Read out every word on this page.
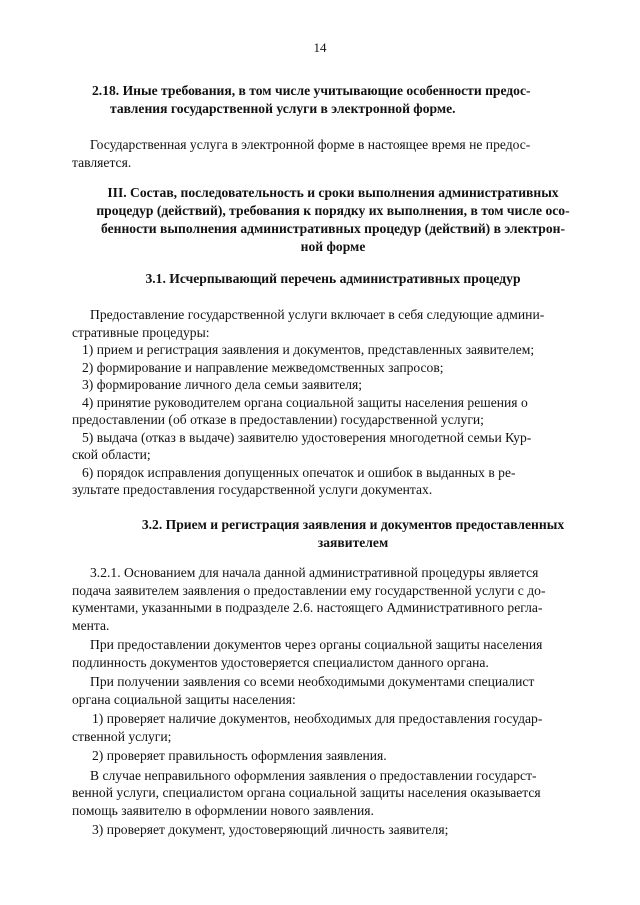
14
2.18. Иные требования, в том числе учитывающие особенности предос-
тавления государственной услуги в электронной форме.
Государственная услуга в электронной форме в настоящее время не предос-
тавляется.
III. Состав, последовательность и сроки выполнения административных
процедур (действий), требования к порядку их выполнения, в том числе осо-
бенности выполнения административных процедур (действий) в электрон-
ной форме
3.1. Исчерпывающий перечень административных процедур
Предоставление государственной услуги включает в себя следующие админи-
стративные процедуры:
1) прием и регистрация заявления и документов, представленных заявителем;
2) формирование и направление межведомственных запросов;
3) формирование личного дела семьи заявителя;
4) принятие руководителем органа социальной защиты населения решения о
предоставлении (об отказе в предоставлении) государственной услуги;
5) выдача (отказ в выдаче) заявителю удостоверения многодетной семьи Кур-
ской области;
6) порядок исправления допущенных опечаток и ошибок в выданных в ре-
зультате предоставления государственной услуги документах.
3.2. Прием и регистрация заявления и документов предоставленных
заявителем
3.2.1. Основанием для начала данной административной процедуры является
подача заявителем заявления о предоставлении ему государственной услуги с до-
кументами, указанными в подразделе 2.6. настоящего Административного регла-
мента.
При предоставлении документов через органы социальной защиты населения
подлинность документов удостоверяется специалистом данного органа.
При получении заявления со всеми необходимыми документами специалист
органа социальной защиты населения:
1) проверяет наличие документов, необходимых для предоставления государ-
ственной услуги;
2) проверяет правильность оформления заявления.
В случае неправильного оформления заявления о предоставлении государст-
венной услуги, специалистом органа социальной защиты населения оказывается
помощь заявителю в оформлении нового заявления.
3) проверяет документ, удостоверяющий личность заявителя;
